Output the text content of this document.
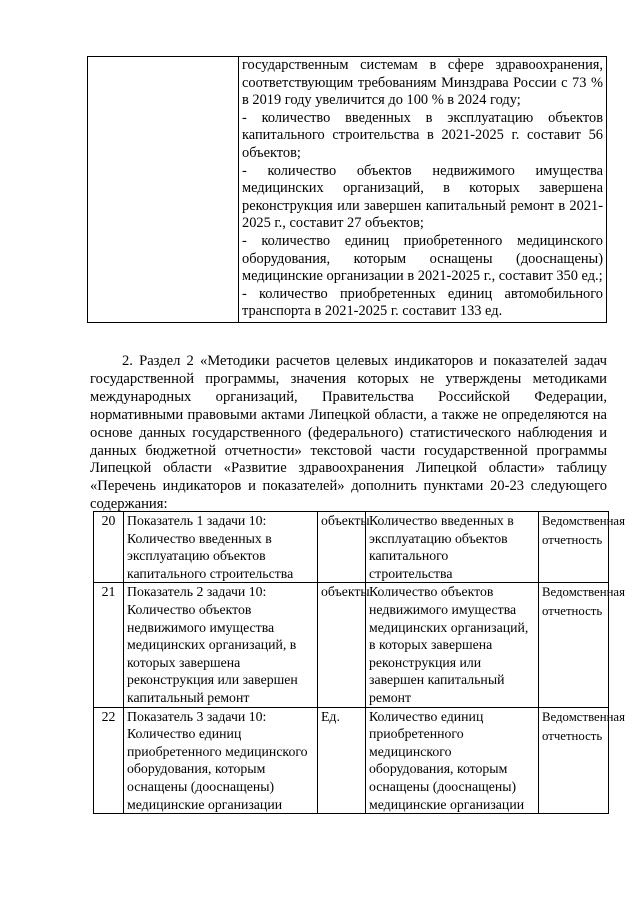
государственным системам в сфере здравоохранения, соответствующим требованиям Минздрава России с 73 % в 2019 году увеличится до 100 % в 2024 году;
- количество введенных в эксплуатацию объектов капитального строительства в 2021-2025 г. составит 56 объектов;
- количество объектов недвижимого имущества медицинских организаций, в которых завершена реконструкция или завершен капитальный ремонт в 2021-2025 г., составит 27 объектов;
- количество единиц приобретенного медицинского оборудования, которым оснащены (дооснащены) медицинские организации в 2021-2025 г., составит 350 ед.;
- количество приобретенных единиц автомобильного транспорта в 2021-2025 г. составит 133 ед.
2. Раздел 2 «Методики расчетов целевых индикаторов и показателей задач государственной программы, значения которых не утверждены методиками международных организаций, Правительства Российской Федерации, нормативными правовыми актами Липецкой области, а также не определяются на основе данных государственного (федерального) статистического наблюдения и данных бюджетной отчетности» текстовой части государственной программы Липецкой области «Развитие здравоохранения Липецкой области» таблицу «Перечень индикаторов и показателей» дополнить пунктами 20-23 следующего содержания:
20	Показатель 1 задачи 10: Количество введенных в эксплуатацию объектов капитального строительства	объекты	Количество введенных в эксплуатацию объектов капитального строительства	Ведомственная отчетность
21	Показатель 2 задачи 10: Количество объектов недвижимого имущества медицинских организаций, в которых завершена реконструкция или завершен капитальный ремонт	объекты	Количество объектов недвижимого имущества медицинских организаций, в которых завершена реконструкция или завершен капитальный ремонт	Ведомственная отчетность
22	Показатель 3 задачи 10: Количество единиц приобретенного медицинского оборудования, которым оснащены (дооснащены) медицинские организации	Ед.	Количество единиц приобретенного медицинского оборудования, которым оснащены (дооснащены) медицинские организации	Ведомственная отчетность
